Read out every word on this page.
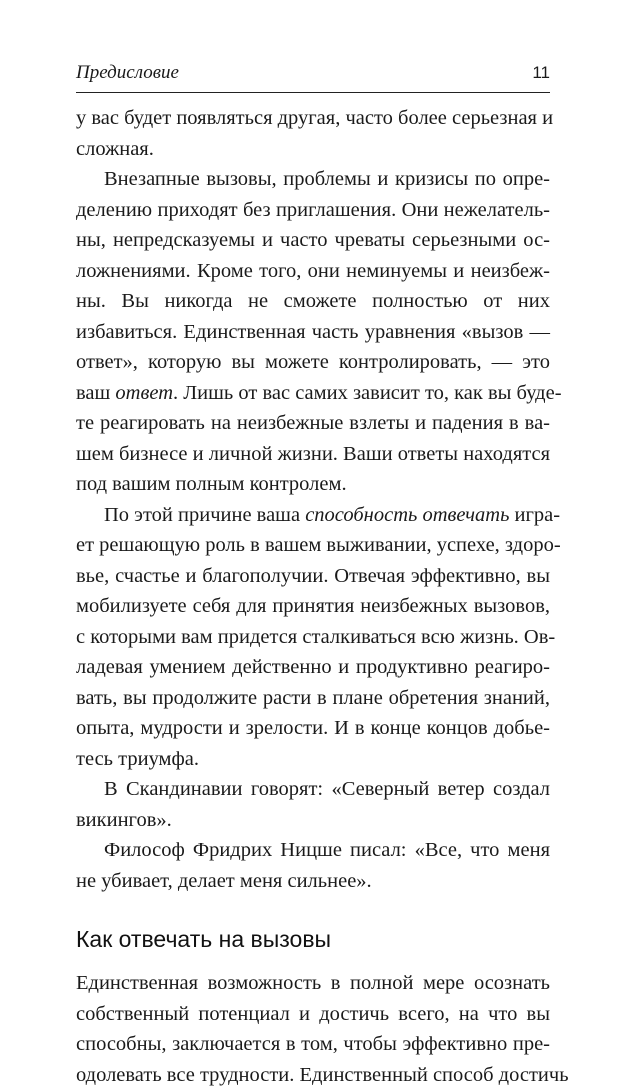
Предисловие	11

у вас будет появляться другая, часто более серьезная и
сложная.

Внезапные вызовы, проблемы и кризисы по опре-
делению приходят без приглашения. Они нежелатель-
ны, непредсказуемы и часто чреваты серьезными ос-
ложнениями. Кроме того, они неминуемы и неизбеж-
ны. Вы никогда не сможете полностью от них
избавиться. Единственная часть уравнения «вызов —
ответ», которую вы можете контролировать, — это
ваш ответ. Лишь от вас самих зависит то, как вы буде-
те реагировать на неизбежные взлеты и падения в ва-
шем бизнесе и личной жизни. Ваши ответы находятся
под вашим полным контролем.

По этой причине ваша способность отвечать игра-
ет решающую роль в вашем выживании, успехе, здоро-
вье, счастье и благополучии. Отвечая эффективно, вы
мобилизуете себя для принятия неизбежных вызовов,
с которыми вам придется сталкиваться всю жизнь. Ов-
ладевая умением действенно и продуктивно реагиро-
вать, вы продолжите расти в плане обретения знаний,
опыта, мудрости и зрелости. И в конце концов добье-
тесь триумфа.

В Скандинавии говорят: «Северный ветер создал
викингов».

Философ Фридрих Ницше писал: «Все, что меня
не убивает, делает меня сильнее».

Как отвечать на вызовы

Единственная возможность в полной мере осознать
собственный потенциал и достичь всего, на что вы
способны, заключается в том, чтобы эффективно пре-
одолевать все трудности. Единственный способ достичь
